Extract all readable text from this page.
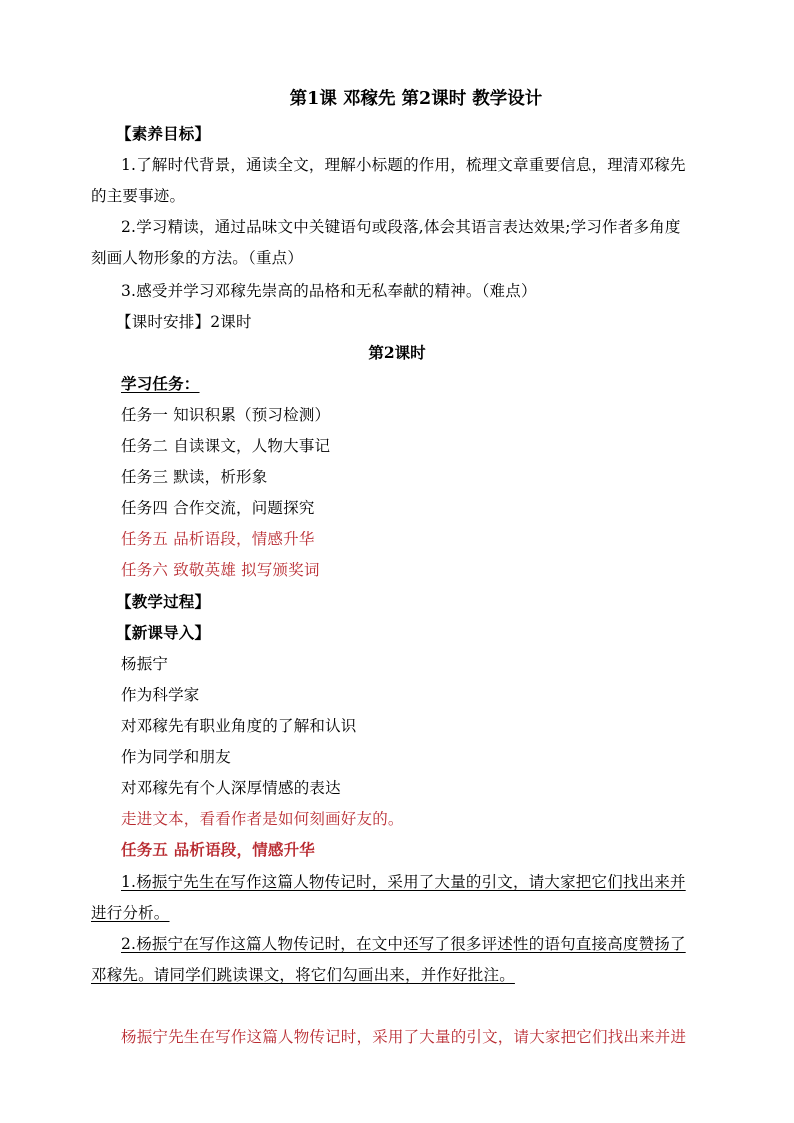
第1课 邓稼先 第2课时 教学设计
【素养目标】
1.了解时代背景，通读全文，理解小标题的作用，梳理文章重要信息，理清邓稼先
的主要事迹。
2.学习精读，通过品味文中关键语句或段落,体会其语言表达效果;学习作者多角度
刻画人物形象的方法。（重点）
3.感受并学习邓稼先崇高的品格和无私奉献的精神。（难点）
【课时安排】2课时
第2课时
学习任务：
任务一 知识积累（预习检测）
任务二 自读课文，人物大事记
任务三 默读，析形象
任务四 合作交流，问题探究
任务五 品析语段，情感升华
任务六 致敬英雄 拟写颁奖词
【教学过程】
【新课导入】
杨振宁
作为科学家
对邓稼先有职业角度的了解和认识
作为同学和朋友
对邓稼先有个人深厚情感的表达
走进文本，看看作者是如何刻画好友的。
任务五 品析语段，情感升华
1.杨振宁先生在写作这篇人物传记时，采用了大量的引文，请大家把它们找出来并
进行分析。
2.杨振宁在写作这篇人物传记时，在文中还写了很多评述性的语句直接高度赞扬了
邓稼先。请同学们跳读课文，将它们勾画出来，并作好批注。
杨振宁先生在写作这篇人物传记时，采用了大量的引文，请大家把它们找出来并进
